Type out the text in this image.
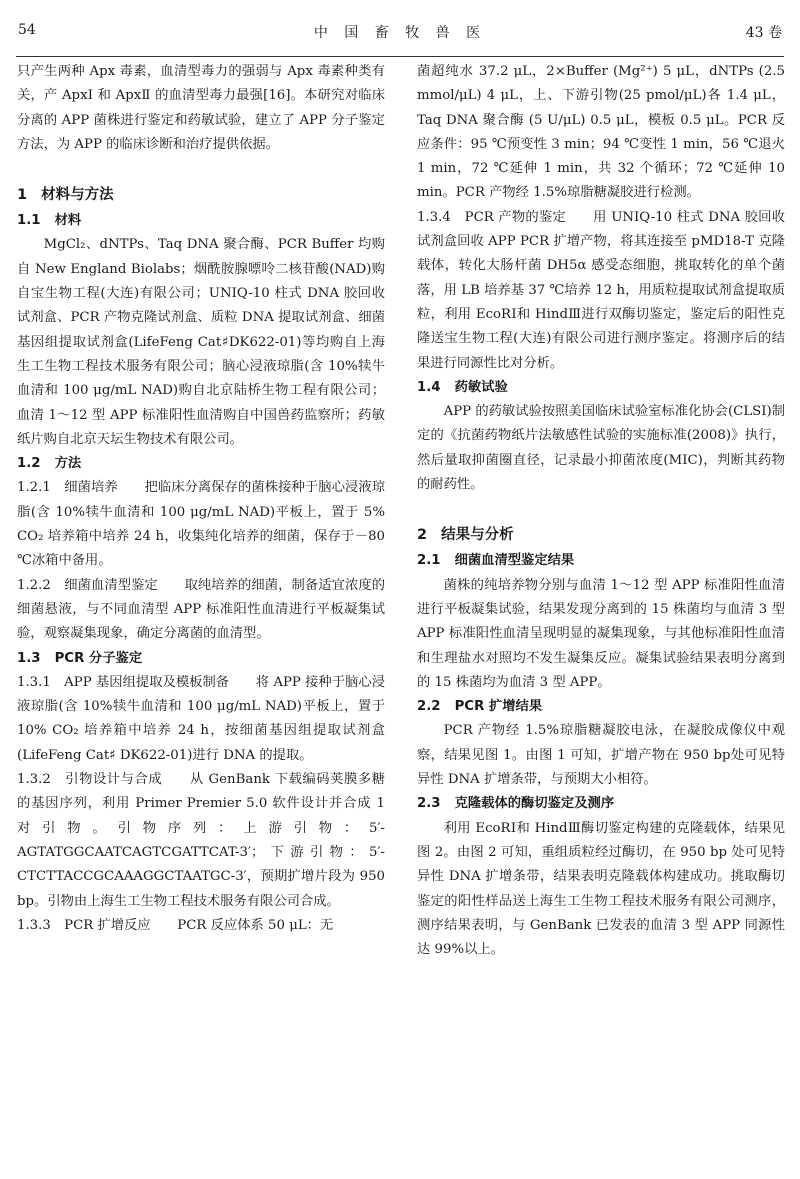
54	中 国 畜 牧 兽 医	43 卷

只产生两种 Apx 毒素，血清型毒力的强弱与 Apx 毒素种类有关，产 ApxⅠ 和 ApxⅡ 的血清型毒力最强[16]。本研究对临床分离的 APP 菌株进行鉴定和药敏试验，建立了 APP 分子鉴定方法，为 APP 的临床诊断和治疗提供依据。

1 材料与方法
1.1 材料

MgCl₂、dNTPs、Taq DNA 聚合酶、PCR Buffer 均购自 New England Biolabs；烟酰胺腺嘌呤二核苷酸(NAD)购自宝生物工程(大连)有限公司；UNIQ-10 柱式 DNA 胶回收试剂盒、PCR 产物克隆试剂盒、质粒 DNA 提取试剂盒、细菌基因组提取试剂盒(LifeFeng Cat♯DK622-01)等均购自上海生工生物工程技术服务有限公司；脑心浸液琼脂(含 10%犊牛血清和 100 μg/mL NAD)购自北京陆桥生物工程有限公司；血清 1～12 型 APP 标准阳性血清购自中国兽药监察所；药敏纸片购自北京天坛生物技术有限公司。

1.2 方法

1.2.1　细菌培养　　把临床分离保存的菌株接种于脑心浸液琼脂(含 10%犊牛血清和 100 μg/mL NAD)平板上，置于 5% CO₂ 培养箱中培养 24 h，收集纯化培养的细菌，保存于－80 ℃冰箱中备用。

1.2.2　细菌血清型鉴定　　取纯培养的细菌，制备适宜浓度的细菌悬液，与不同血清型 APP 标准阳性血清进行平板凝集试验，观察凝集现象，确定分离菌的血清型。

1.3 PCR 分子鉴定

1.3.1　APP 基因组提取及模板制备　　将 APP 接种于脑心浸液琼脂(含 10%犊牛血清和 100 μg/mL NAD)平板上，置于 10% CO₂ 培养箱中培养 24 h，按细菌基因组提取试剂盒(LifeFeng Cat♯ DK622-01)进行 DNA 的提取。

1.3.2　引物设计与合成　　从 GenBank 下载编码荚膜多糖的基因序列，利用 Primer Premier 5.0 软件设计并合成 1 对引物。引物序列：上游引物：5′-AGTATGGCAATCAGTCGATTCAT-3′；下游引物：5′-CTCTTACCGCAAAGGCTAATGC-3′，预期扩增片段为 950 bp。引物由上海生工生物工程技术服务有限公司合成。

1.3.3　PCR 扩增反应　　PCR 反应体系 50 μL：无

菌超纯水 37.2 μL，2×Buffer (Mg²⁺) 5 μL，dNTPs (2.5 mmol/μL) 4 μL，上、下游引物(25 pmol/μL)各 1.4 μL，Taq DNA 聚合酶 (5 U/μL) 0.5 μL，模板 0.5 μL。PCR 反应条件：95 ℃预变性 3 min；94 ℃变性 1 min，56 ℃退火 1 min，72 ℃延伸 1 min，共 32 个循环；72 ℃延伸 10 min。PCR 产物经 1.5%琼脂糖凝胶进行检测。

1.3.4　PCR 产物的鉴定　　用 UNIQ-10 柱式 DNA 胶回收试剂盒回收 APP PCR 扩增产物，将其连接至 pMD18-T 克隆载体，转化大肠杆菌 DH5α 感受态细胞，挑取转化的单个菌落，用 LB 培养基 37 ℃培养 12 h，用质粒提取试剂盒提取质粒，利用 EcoRⅠ和 HindⅢ进行双酶切鉴定，鉴定后的阳性克隆送宝生物工程(大连)有限公司进行测序鉴定。将测序后的结果进行同源性比对分析。

1.4 药敏试验

APP 的药敏试验按照美国临床试验室标准化协会(CLSI)制定的《抗菌药物纸片法敏感性试验的实施标准(2008)》执行，然后量取抑菌圈直径，记录最小抑菌浓度(MIC)，判断其药物的耐药性。

2 结果与分析
2.1 细菌血清型鉴定结果

菌株的纯培养物分别与血清 1～12 型 APP 标准阳性血清进行平板凝集试验，结果发现分离到的 15 株菌均与血清 3 型 APP 标准阳性血清呈现明显的凝集现象，与其他标准阳性血清和生理盐水对照均不发生凝集反应。凝集试验结果表明分离到的 15 株菌均为血清 3 型 APP。

2.2 PCR 扩增结果

PCR 产物经 1.5%琼脂糖凝胶电泳，在凝胶成像仪中观察，结果见图 1。由图 1 可知，扩增产物在 950 bp处可见特异性 DNA 扩增条带，与预期大小相符。

2.3 克隆载体的酶切鉴定及测序

利用 EcoRⅠ和 HindⅢ酶切鉴定构建的克隆载体，结果见图 2。由图 2 可知，重组质粒经过酶切，在 950 bp 处可见特异性 DNA 扩增条带，结果表明克隆载体构建成功。挑取酶切鉴定的阳性样品送上海生工生物工程技术服务有限公司测序，测序结果表明，与 GenBank 已发表的血清 3 型 APP 同源性达 99%以上。
